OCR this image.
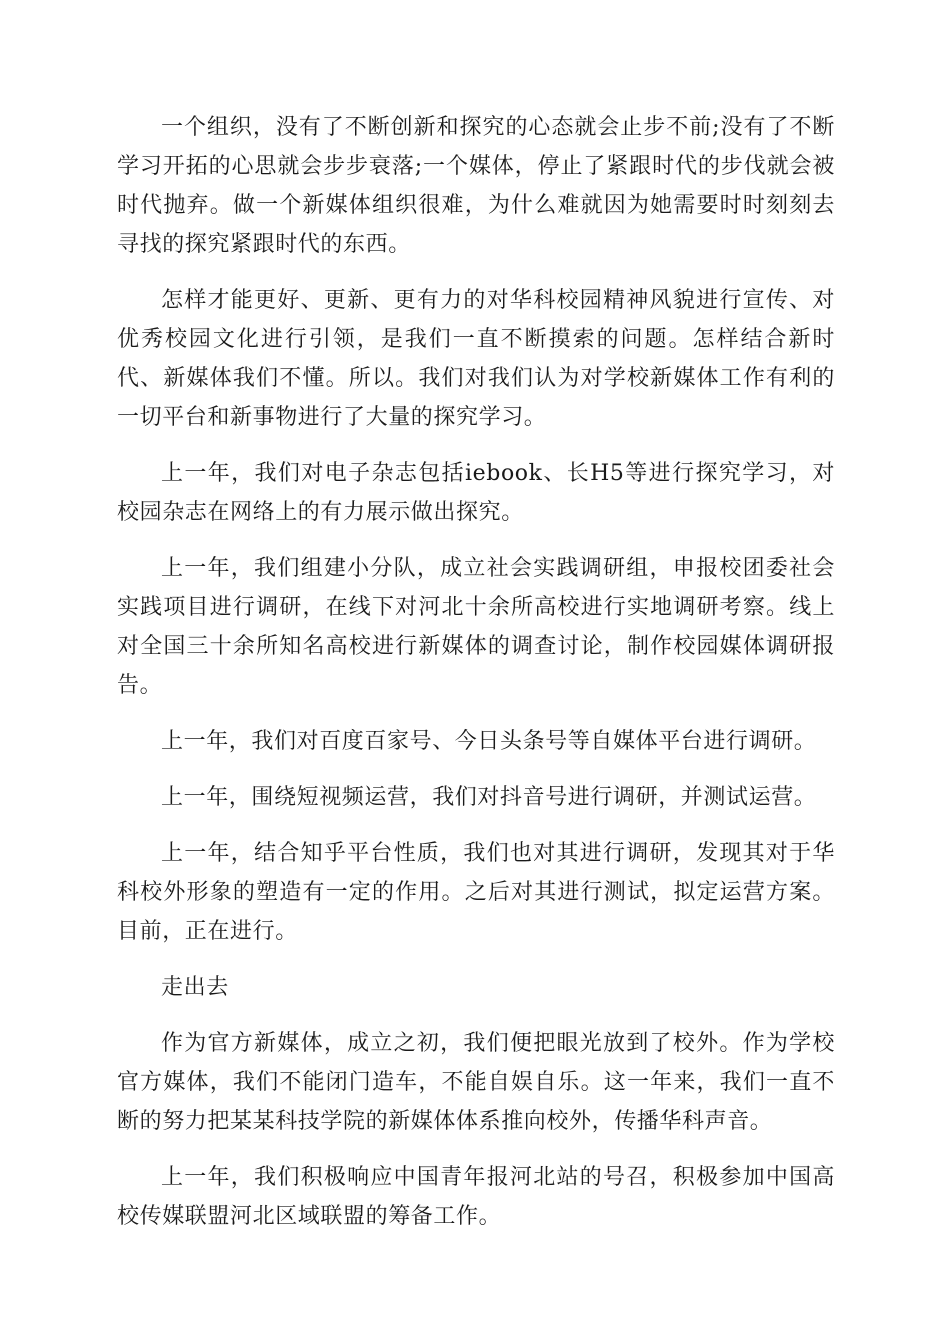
一个组织，没有了不断创新和探究的心态就会止步不前;没有了不断学习开拓的心思就会步步衰落;一个媒体，停止了紧跟时代的步伐就会被时代抛弃。做一个新媒体组织很难，为什么难就因为她需要时时刻刻去寻找的探究紧跟时代的东西。

怎样才能更好、更新、更有力的对华科校园精神风貌进行宣传、对优秀校园文化进行引领，是我们一直不断摸索的问题。怎样结合新时代、新媒体我们不懂。所以。我们对我们认为对学校新媒体工作有利的一切平台和新事物进行了大量的探究学习。

上一年，我们对电子杂志包括iebook、长H5等进行探究学习，对校园杂志在网络上的有力展示做出探究。

上一年，我们组建小分队，成立社会实践调研组，申报校团委社会实践项目进行调研，在线下对河北十余所高校进行实地调研考察。线上对全国三十余所知名高校进行新媒体的调查讨论，制作校园媒体调研报告。

上一年，我们对百度百家号、今日头条号等自媒体平台进行调研。

上一年，围绕短视频运营，我们对抖音号进行调研，并测试运营。

上一年，结合知乎平台性质，我们也对其进行调研，发现其对于华科校外形象的塑造有一定的作用。之后对其进行测试，拟定运营方案。目前，正在进行。

走出去

作为官方新媒体，成立之初，我们便把眼光放到了校外。作为学校官方媒体，我们不能闭门造车，不能自娱自乐。这一年来，我们一直不断的努力把某某科技学院的新媒体体系推向校外，传播华科声音。

上一年，我们积极响应中国青年报河北站的号召，积极参加中国高校传媒联盟河北区域联盟的筹备工作。
